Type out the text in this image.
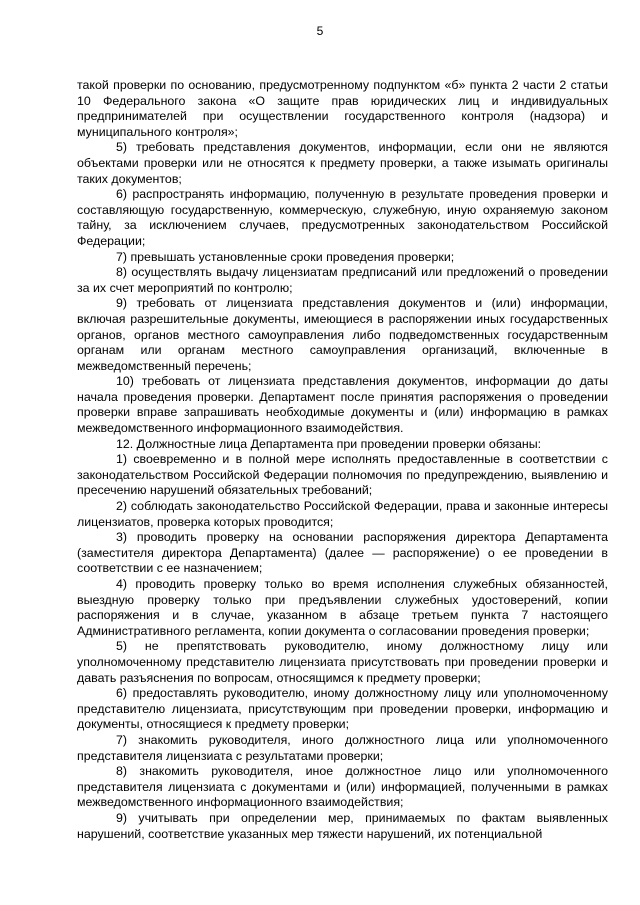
5

такой проверки по основанию, предусмотренному подпунктом «б» пункта 2 части 2 статьи 10 Федерального закона «О защите прав юридических лиц и индивидуальных предпринимателей при осуществлении государственного контроля (надзора) и муниципального контроля»;

5) требовать представления документов, информации, если они не являются объектами проверки или не относятся к предмету проверки, а также изымать оригиналы таких документов;

6) распространять информацию, полученную в результате проведения проверки и составляющую государственную, коммерческую, служебную, иную охраняемую законом тайну, за исключением случаев, предусмотренных законодательством Российской Федерации;

7) превышать установленные сроки проведения проверки;

8) осуществлять выдачу лицензиатам предписаний или предложений о проведении за их счет мероприятий по контролю;

9) требовать от лицензиата представления документов и (или) информации, включая разрешительные документы, имеющиеся в распоряжении иных государственных органов, органов местного самоуправления либо подведомственных государственным органам или органам местного самоуправления организаций, включенные в межведомственный перечень;

10) требовать от лицензиата представления документов, информации до даты начала проведения проверки. Департамент после принятия распоряжения о проведении проверки вправе запрашивать необходимые документы и (или) информацию в рамках межведомственного информационного взаимодействия.

12. Должностные лица Департамента при проведении проверки обязаны:

1) своевременно и в полной мере исполнять предоставленные в соответствии с законодательством Российской Федерации полномочия по предупреждению, выявлению и пресечению нарушений обязательных требований;

2) соблюдать законодательство Российской Федерации, права и законные интересы лицензиатов, проверка которых проводится;

3) проводить проверку на основании распоряжения директора Департамента (заместителя директора Департамента) (далее — распоряжение) о ее проведении в соответствии с ее назначением;

4) проводить проверку только во время исполнения служебных обязанностей, выездную проверку только при предъявлении служебных удостоверений, копии распоряжения и в случае, указанном в абзаце третьем пункта 7 настоящего Административного регламента, копии документа о согласовании проведения проверки;

5) не препятствовать руководителю, иному должностному лицу или уполномоченному представителю лицензиата присутствовать при проведении проверки и давать разъяснения по вопросам, относящимся к предмету проверки;

6) предоставлять руководителю, иному должностному лицу или уполномоченному представителю лицензиата, присутствующим при проведении проверки, информацию и документы, относящиеся к предмету проверки;

7) знакомить руководителя, иного должностного лица или уполномоченного представителя лицензиата с результатами проверки;

8) знакомить руководителя, иное должностное лицо или уполномоченного представителя лицензиата с документами и (или) информацией, полученными в рамках межведомственного информационного взаимодействия;

9) учитывать при определении мер, принимаемых по фактам выявленных нарушений, соответствие указанных мер тяжести нарушений, их потенциальной
